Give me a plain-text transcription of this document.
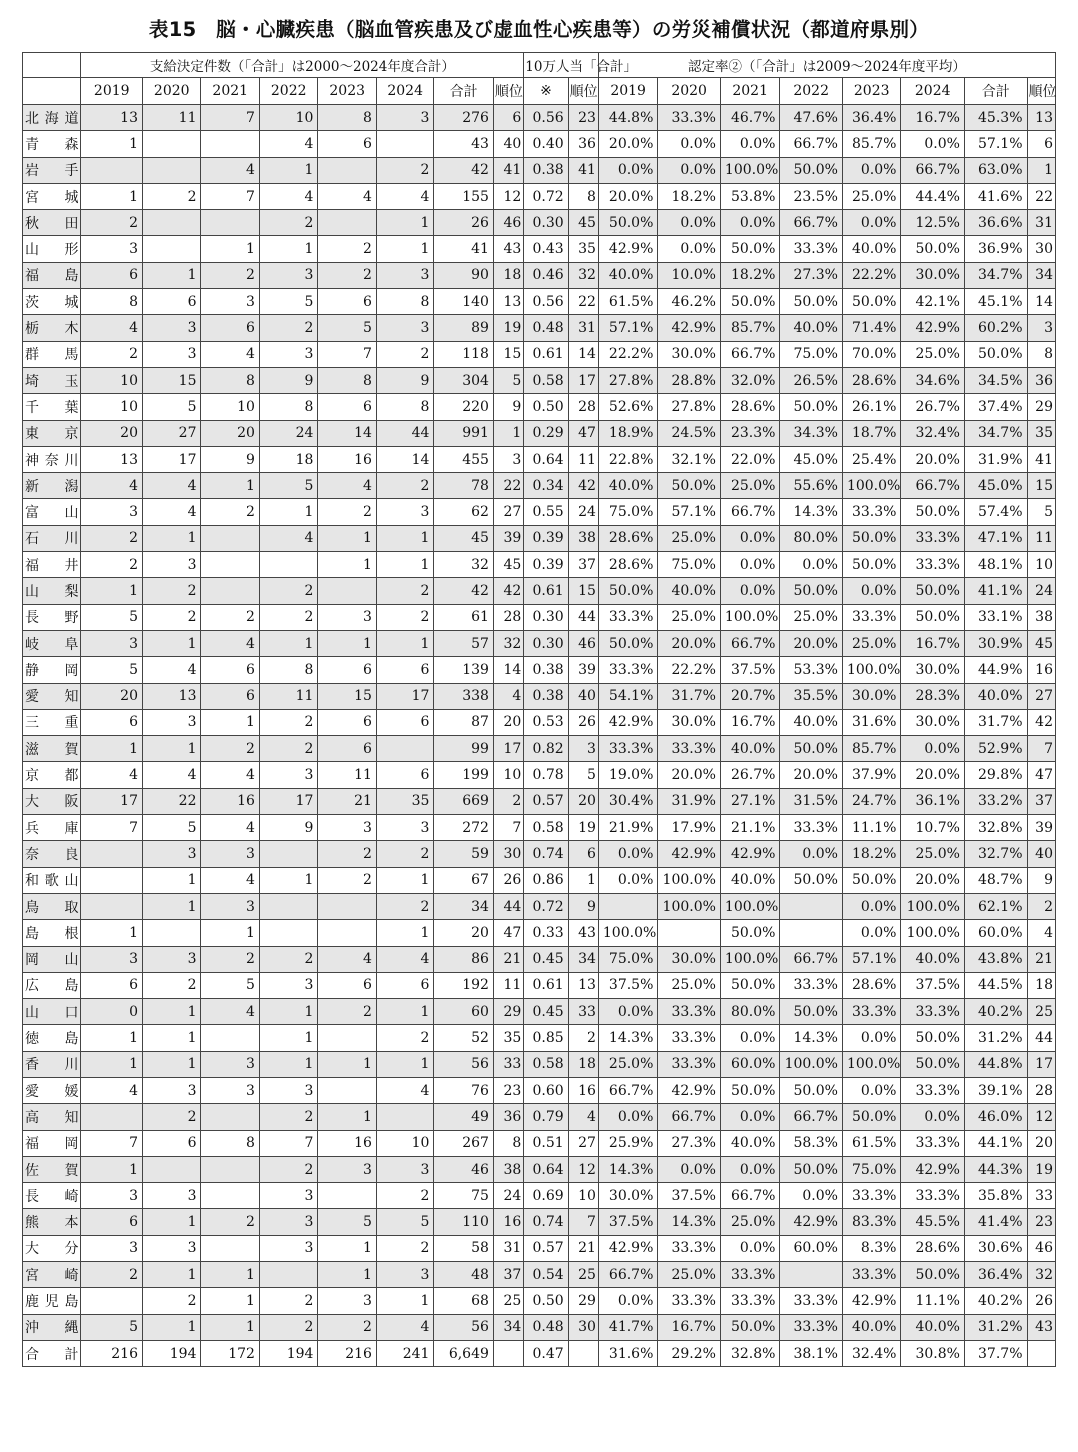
表15　脳・心臓疾患（脳血管疾患及び虚血性心疾患等）の労災補償状況（都道府県別）
	支給決定件数（「合計」は2000～2024年度合計）								10万人当「合計」		認定率②（「合計」は2009～2024年度平均）							
	2019	2020	2021	2022	2023	2024	合計	順位	※	順位	2019	2020	2021	2022	2023	2024	合計	順位
北海道	13	11	7	10	8	3	276	6	0.56	23	44.8%	33.3%	46.7%	47.6%	36.4%	16.7%	45.3%	13
青　森	1			4	6		43	40	0.40	36	20.0%	0.0%	0.0%	66.7%	85.7%	0.0%	57.1%	6
岩　手			4	1		2	42	41	0.38	41	0.0%	0.0%	100.0%	50.0%	0.0%	66.7%	63.0%	1
宮　城	1	2	7	4	4	4	155	12	0.72	8	20.0%	18.2%	53.8%	23.5%	25.0%	44.4%	41.6%	22
秋　田	2			2		1	26	46	0.30	45	50.0%	0.0%	0.0%	66.7%	0.0%	12.5%	36.6%	31
山　形	3		1	1	2	1	41	43	0.43	35	42.9%	0.0%	50.0%	33.3%	40.0%	50.0%	36.9%	30
福　島	6	1	2	3	2	3	90	18	0.46	32	40.0%	10.0%	18.2%	27.3%	22.2%	30.0%	34.7%	34
茨　城	8	6	3	5	6	8	140	13	0.56	22	61.5%	46.2%	50.0%	50.0%	50.0%	42.1%	45.1%	14
栃　木	4	3	6	2	5	3	89	19	0.48	31	57.1%	42.9%	85.7%	40.0%	71.4%	42.9%	60.2%	3
群　馬	2	3	4	3	7	2	118	15	0.61	14	22.2%	30.0%	66.7%	75.0%	70.0%	25.0%	50.0%	8
埼　玉	10	15	8	9	8	9	304	5	0.58	17	27.8%	28.8%	32.0%	26.5%	28.6%	34.6%	34.5%	36
千　葉	10	5	10	8	6	8	220	9	0.50	28	52.6%	27.8%	28.6%	50.0%	26.1%	26.7%	37.4%	29
東　京	20	27	20	24	14	44	991	1	0.29	47	18.9%	24.5%	23.3%	34.3%	18.7%	32.4%	34.7%	35
神奈川	13	17	9	18	16	14	455	3	0.64	11	22.8%	32.1%	22.0%	45.0%	25.4%	20.0%	31.9%	41
新　潟	4	4	1	5	4	2	78	22	0.34	42	40.0%	50.0%	25.0%	55.6%	100.0%	66.7%	45.0%	15
富　山	3	4	2	1	2	3	62	27	0.55	24	75.0%	57.1%	66.7%	14.3%	33.3%	50.0%	57.4%	5
石　川	2	1		4	1	1	45	39	0.39	38	28.6%	25.0%	0.0%	80.0%	50.0%	33.3%	47.1%	11
福　井	2	3			1	1	32	45	0.39	37	28.6%	75.0%	0.0%	0.0%	50.0%	33.3%	48.1%	10
山　梨	1	2		2		2	42	42	0.61	15	50.0%	40.0%	0.0%	50.0%	0.0%	50.0%	41.1%	24
長　野	5	2	2	2	3	2	61	28	0.30	44	33.3%	25.0%	100.0%	25.0%	33.3%	50.0%	33.1%	38
岐　阜	3	1	4	1	1	1	57	32	0.30	46	50.0%	20.0%	66.7%	20.0%	25.0%	16.7%	30.9%	45
静　岡	5	4	6	8	6	6	139	14	0.38	39	33.3%	22.2%	37.5%	53.3%	100.0%	30.0%	44.9%	16
愛　知	20	13	6	11	15	17	338	4	0.38	40	54.1%	31.7%	20.7%	35.5%	30.0%	28.3%	40.0%	27
三　重	6	3	1	2	6	6	87	20	0.53	26	42.9%	30.0%	16.7%	40.0%	31.6%	30.0%	31.7%	42
滋　賀	1	1	2	2	6		99	17	0.82	3	33.3%	33.3%	40.0%	50.0%	85.7%	0.0%	52.9%	7
京　都	4	4	4	3	11	6	199	10	0.78	5	19.0%	20.0%	26.7%	20.0%	37.9%	20.0%	29.8%	47
大　阪	17	22	16	17	21	35	669	2	0.57	20	30.4%	31.9%	27.1%	31.5%	24.7%	36.1%	33.2%	37
兵　庫	7	5	4	9	3	3	272	7	0.58	19	21.9%	17.9%	21.1%	33.3%	11.1%	10.7%	32.8%	39
奈　良		3	3		2	2	59	30	0.74	6	0.0%	42.9%	42.9%	0.0%	18.2%	25.0%	32.7%	40
和歌山		1	4	1	2	1	67	26	0.86	1	0.0%	100.0%	40.0%	50.0%	50.0%	20.0%	48.7%	9
鳥　取		1	3			2	34	44	0.72	9		100.0%	100.0%		0.0%	100.0%	62.1%	2
島　根	1		1			1	20	47	0.33	43	100.0%		50.0%		0.0%	100.0%	60.0%	4
岡　山	3	3	2	2	4	4	86	21	0.45	34	75.0%	30.0%	100.0%	66.7%	57.1%	40.0%	43.8%	21
広　島	6	2	5	3	6	6	192	11	0.61	13	37.5%	25.0%	50.0%	33.3%	28.6%	37.5%	44.5%	18
山　口	0	1	4	1	2	1	60	29	0.45	33	0.0%	33.3%	80.0%	50.0%	33.3%	33.3%	40.2%	25
徳　島	1	1		1		2	52	35	0.85	2	14.3%	33.3%	0.0%	14.3%	0.0%	50.0%	31.2%	44
香　川	1	1	3	1	1	1	56	33	0.58	18	25.0%	33.3%	60.0%	100.0%	100.0%	50.0%	44.8%	17
愛　媛	4	3	3	3		4	76	23	0.60	16	66.7%	42.9%	50.0%	50.0%	0.0%	33.3%	39.1%	28
高　知		2		2	1		49	36	0.79	4	0.0%	66.7%	0.0%	66.7%	50.0%	0.0%	46.0%	12
福　岡	7	6	8	7	16	10	267	8	0.51	27	25.9%	27.3%	40.0%	58.3%	61.5%	33.3%	44.1%	20
佐　賀	1			2	3	3	46	38	0.64	12	14.3%	0.0%	0.0%	50.0%	75.0%	42.9%	44.3%	19
長　崎	3	3		3		2	75	24	0.69	10	30.0%	37.5%	66.7%	0.0%	33.3%	33.3%	35.8%	33
熊　本	6	1	2	3	5	5	110	16	0.74	7	37.5%	14.3%	25.0%	42.9%	83.3%	45.5%	41.4%	23
大　分	3	3		3	1	2	58	31	0.57	21	42.9%	33.3%	0.0%	60.0%	8.3%	28.6%	30.6%	46
宮　崎	2	1	1		1	3	48	37	0.54	25	66.7%	25.0%	33.3%		33.3%	50.0%	36.4%	32
鹿児島		2	1	2	3	1	68	25	0.50	29	0.0%	33.3%	33.3%	33.3%	42.9%	11.1%	40.2%	26
沖　縄	5	1	1	2	2	4	56	34	0.48	30	41.7%	16.7%	50.0%	33.3%	40.0%	40.0%	31.2%	43
合　計	216	194	172	194	216	241	6,649		0.47		31.6%	29.2%	32.8%	38.1%	32.4%	30.8%	37.7%	
